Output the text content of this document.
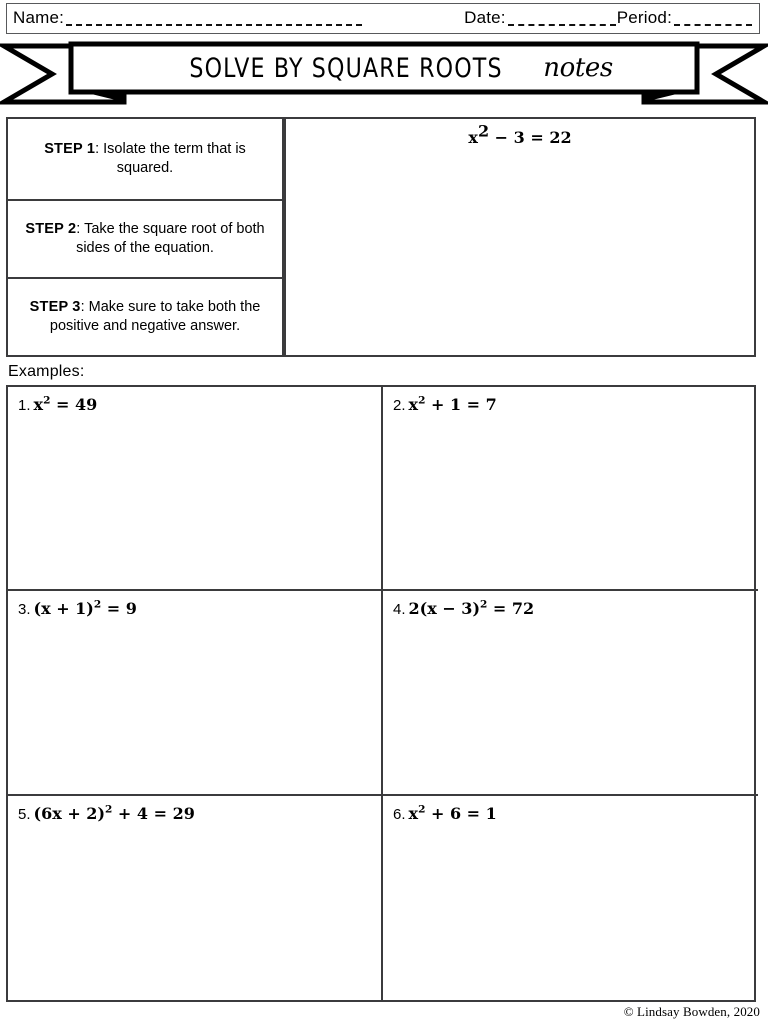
Name:	Date:	Period:
SOLVE BY SQUARE ROOTS notes
STEP 1: Isolate the term that is squared.
STEP 2: Take the square root of both sides of the equation.
STEP 3: Make sure to take both the positive and negative answer.
$x^2 - 3 = 22$
Examples:
1. $x^2 = 49$	2. $x^2 + 1 = 7$
3. $(x + 1)^2 = 9$	4. $2(x - 3)^2 = 72$
5. $(6x + 2)^2 + 4 = 29$	6. $x^2 + 6 = 1$
© Lindsay Bowden, 2020
